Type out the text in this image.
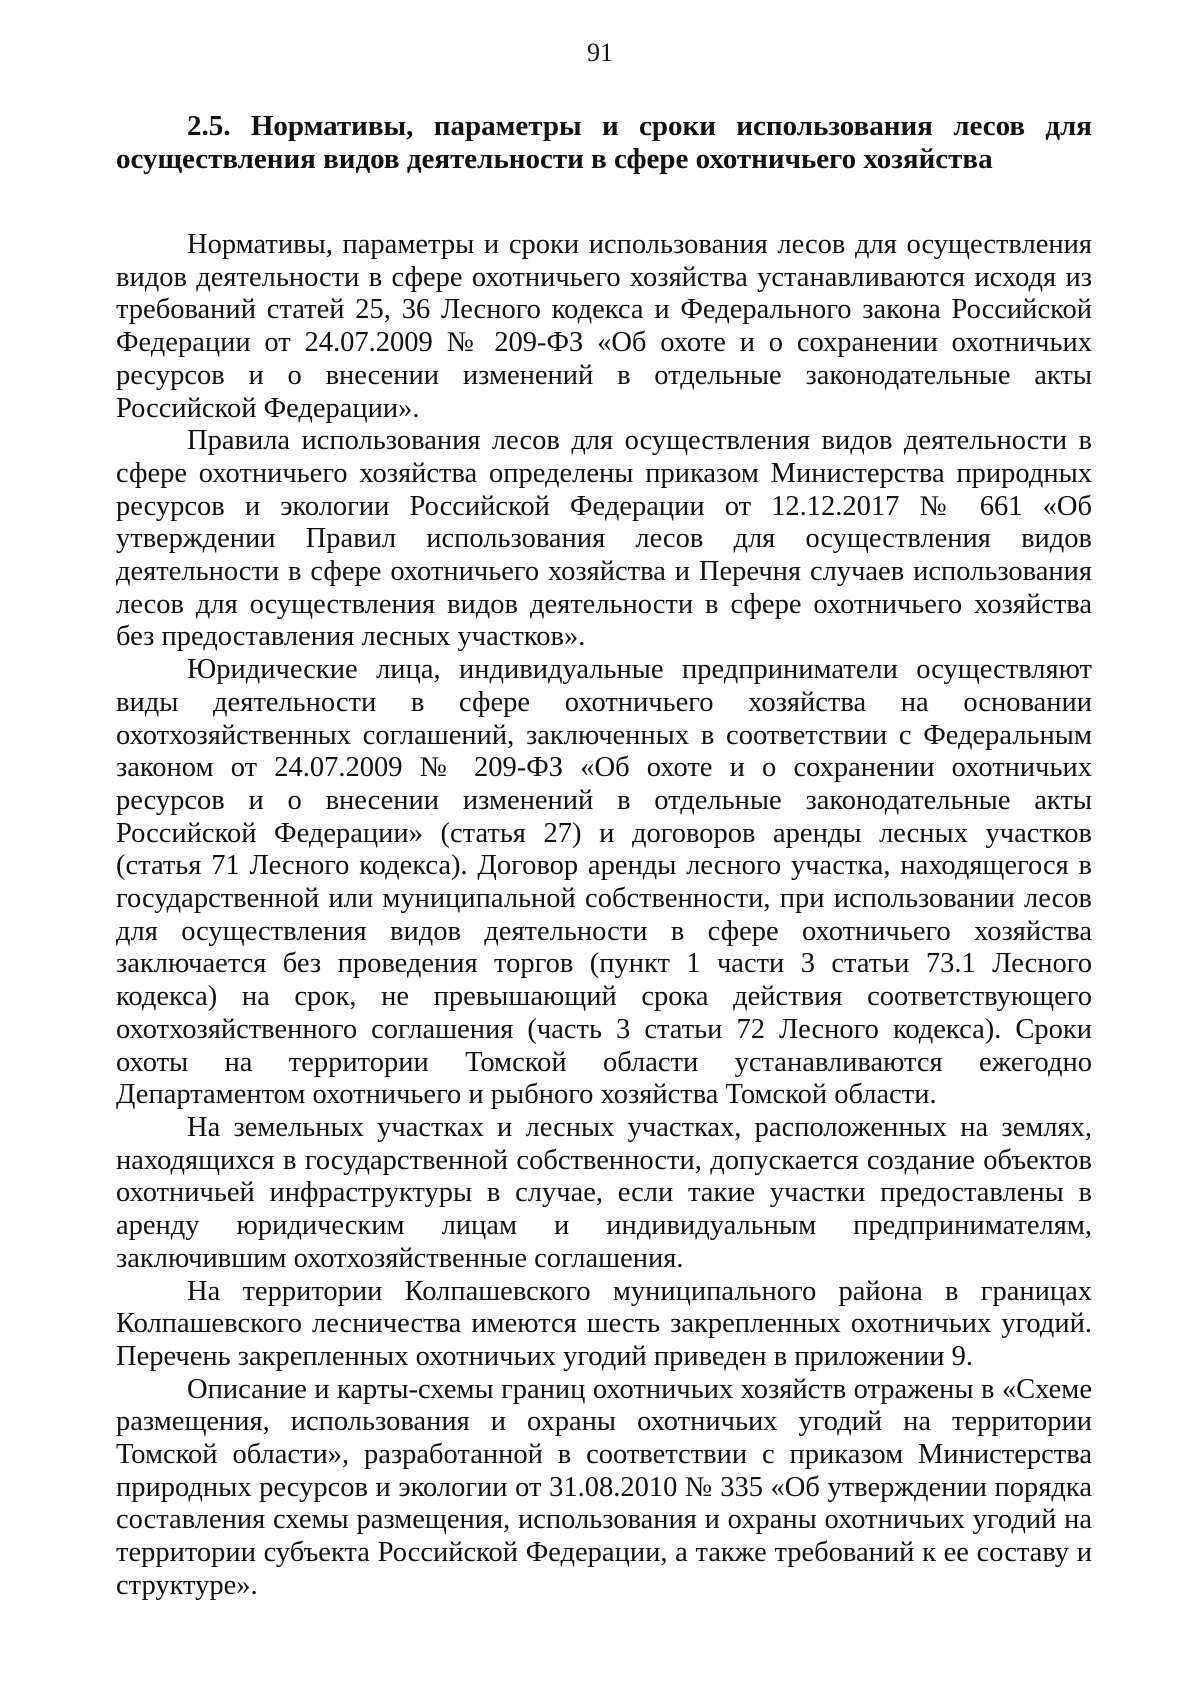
91
2.5. Нормативы, параметры и сроки использования лесов для осуществления видов деятельности в сфере охотничьего хозяйства

Нормативы, параметры и сроки использования лесов для осуществления видов деятельности в сфере охотничьего хозяйства устанавливаются исходя из требований статей 25, 36 Лесного кодекса и Федерального закона Российской Федерации от 24.07.2009 № 209-ФЗ «Об охоте и о сохранении охотничьих ресурсов и о внесении изменений в отдельные законодательные акты Российской Федерации».

Правила использования лесов для осуществления видов деятельности в сфере охотничьего хозяйства определены приказом Министерства природных ресурсов и экологии Российской Федерации от 12.12.2017 № 661 «Об утверждении Правил использования лесов для осуществления видов деятельности в сфере охотничьего хозяйства и Перечня случаев использования лесов для осуществления видов деятельности в сфере охотничьего хозяйства без предоставления лесных участков».

Юридические лица, индивидуальные предприниматели осуществляют виды деятельности в сфере охотничьего хозяйства на основании охотхозяйственных соглашений, заключенных в соответствии с Федеральным законом от 24.07.2009 № 209-ФЗ «Об охоте и о сохранении охотничьих ресурсов и о внесении изменений в отдельные законодательные акты Российской Федерации» (статья 27) и договоров аренды лесных участков (статья 71 Лесного кодекса). Договор аренды лесного участка, находящегося в государственной или муниципальной собственности, при использовании лесов для осуществления видов деятельности в сфере охотничьего хозяйства заключается без проведения торгов (пункт 1 части 3 статьи 73.1 Лесного кодекса) на срок, не превышающий срока действия соответствующего охотхозяйственного соглашения (часть 3 статьи 72 Лесного кодекса). Сроки охоты на территории Томской области устанавливаются ежегодно Департаментом охотничьего и рыбного хозяйства Томской области.

На земельных участках и лесных участках, расположенных на землях, находящихся в государственной собственности, допускается создание объектов охотничьей инфраструктуры в случае, если такие участки предоставлены в аренду юридическим лицам и индивидуальным предпринимателям, заключившим охотхозяйственные соглашения.

На территории Колпашевского муниципального района в границах Колпашевского лесничества имеются шесть закрепленных охотничьих угодий. Перечень закрепленных охотничьих угодий приведен в приложении 9.

Описание и карты-схемы границ охотничьих хозяйств отражены в «Схеме размещения, использования и охраны охотничьих угодий на территории Томской области», разработанной в соответствии с приказом Министерства природных ресурсов и экологии от 31.08.2010 № 335 «Об утверждении порядка составления схемы размещения, использования и охраны охотничьих угодий на территории субъекта Российской Федерации, а также требований к ее составу и структуре».
